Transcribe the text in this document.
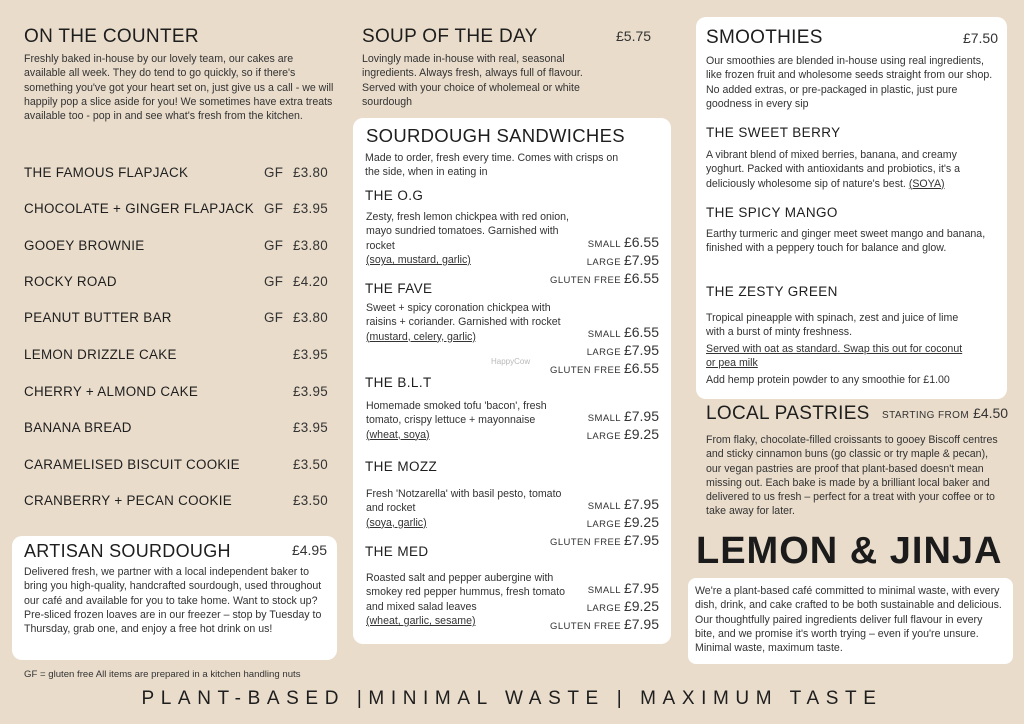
ON THE COUNTER

Freshly baked in-house by our lovely team, our cakes are available all week. They do tend to go quickly, so if there's something you've got your heart set on, just give us a call - we will happily pop a slice aside for you! We sometimes have extra treats available too - pop in and see what's fresh from the kitchen.

THE FAMOUS FLAPJACK	GF £3.80
CHOCOLATE + GINGER FLAPJACK GF £3.95
GOOEY BROWNIE	GF £3.80
ROCKY ROAD	GF £4.20
PEANUT BUTTER BAR	GF £3.80
LEMON DRIZZLE CAKE	£3.95
CHERRY + ALMOND CAKE	£3.95
BANANA BREAD	£3.95
CARAMELISED BISCUIT COOKIE	£3.50
CRANBERRY + PECAN COOKIE	£3.50
ARTISAN SOURDOUGH	£4.95

Delivered fresh, we partner with a local independent baker to bring you high-quality, handcrafted sourdough, used throughout our café and available for you to take home. Want to stock up? Pre-sliced frozen loaves are in our freezer – stop by Tuesday to Thursday, grab one, and enjoy a free hot drink on us!

GF = gluten free All items are prepared in a kitchen handling nuts

SOUP OF THE DAY	£5.75

Lovingly made in-house with real, seasonal ingredients. Always fresh, always full of flavour. Served with your choice of wholemeal or white sourdough

SOURDOUGH SANDWICHES

Made to order, fresh every time. Comes with crisps on the side, when in eating in

THE O.G

Zesty, fresh lemon chickpea with red onion, mayo sundried tomatoes. Garnished with rocket
(soya, mustard, garlic)

SMALL £6.55
LARGE £7.95
GLUTEN FREE £6.55
THE FAVE

Sweet + spicy coronation chickpea with raisins + coriander. Garnished with rocket
(mustard, celery, garlic)	SMALL £6.55
LARGE £7.95
GLUTEN FREE £6.55
THE B.L.T

Homemade smoked tofu 'bacon', fresh tomato, crispy lettuce + mayonnaise
(wheat, soya)

SMALL £7.95
LARGE £9.25
THE MOZZ

Fresh 'Notzarella' with basil pesto, tomato and rocket
(soya, garlic)

SMALL £7.95
LARGE £9.25
GLUTEN FREE £7.95
THE MED

Roasted salt and pepper aubergine with smokey red pepper hummus, fresh tomato and mixed salad leaves
(wheat, garlic, sesame)

SMALL £7.95
LARGE £9.25
GLUTEN FREE £7.95
HappyCow
SMOOTHIES	£7.50

Our smoothies are blended in-house using real ingredients, like frozen fruit and wholesome seeds straight from our shop. No added extras, or pre-packaged in plastic, just pure goodness in every sip

THE SWEET BERRY

A vibrant blend of mixed berries, banana, and creamy yoghurt. Packed with antioxidants and probiotics, it's a deliciously wholesome sip of nature's best. (SOYA)

THE SPICY MANGO

Earthy turmeric and ginger meet sweet mango and banana, finished with a peppery touch for balance and glow.

THE ZESTY GREEN

Tropical pineapple with spinach, zest and juice of lime with a burst of minty freshness.

Served with oat as standard. Swap this out for coconut or pea milk

Add hemp protein powder to any smoothie for £1.00

LOCAL PASTRIES STARTING FROM £4.50

From flaky, chocolate-filled croissants to gooey Biscoff centres and sticky cinnamon buns (go classic or try maple & pecan), our vegan pastries are proof that plant-based doesn't mean missing out. Each bake is made by a brilliant local baker and delivered to us fresh – perfect for a treat with your coffee or to take away for later.

LEMON & JINJA

We're a plant-based café committed to minimal waste, with every dish, drink, and cake crafted to be both sustainable and delicious. Our thoughtfully paired ingredients deliver full flavour in every bite, and we promise it's worth trying – even if you're unsure. Minimal waste, maximum taste.

PLANT-BASED |MINIMAL WASTE | MAXIMUM TASTE
